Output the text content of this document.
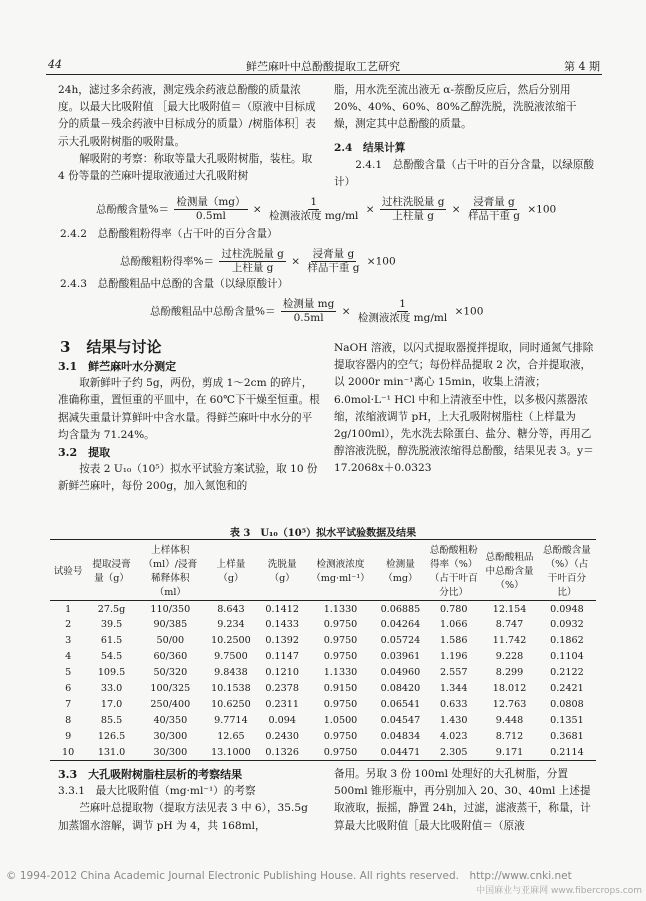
44	鲜苎麻叶中总酚酸提取工艺研究	第 4 期

24h，滤过多余药液，测定残余药液总酚酸的质量浓度。以最大比吸附值 ［最大比吸附值＝（原液中目标成分的质量－残余药液中目标成分的质量）/树脂体积］表示大孔吸附树脂的吸附量。

解吸附的考察：称取等量大孔吸附树脂，装柱。取 4 份等量的苎麻叶提取液通过大孔吸附树

脂，用水洗至流出液无 α-萘酚反应后，然后分别用 20%、40%、60%、80%乙醇洗脱，洗脱液浓缩干燥，测定其中总酚酸的质量。

2.4　 结果计算

2.4.1　 总酚酸含量（占干叶的百分含量，以绿原酸计）

总酚酸含量%＝ $\frac{\text{检测量（mg）}}{0.5ml} \times \frac{1}{\text{检测液浓度 mg/ml}} \times \frac{\text{过柱洗脱量 g}}{\text{上柱量 g}} \times \frac{\text{浸膏量 g}}{\text{样品干重 g}} \times 100$
2.4.2　 总酚酸粗粉得率（占干叶的百分含量）
总酚酸粗粉得率%＝ $\frac{\text{过柱洗脱量 g}}{\text{上柱量 g}} \times \frac{\text{浸膏量 g}}{\text{样品干重 g}} \times 100$
2.4.3　 总酚酸粗品中总酚的含量（以绿原酸计）
总酚酸粗品中总酚含量%＝ $\frac{\text{检测量 mg}}{0.5ml} \times \frac{1}{\text{检测液浓度 mg/ml}} \times 100$
3　 结果与讨论

3.1　 鲜苎麻叶水分测定

取新鲜叶子约 5g，两份，剪成 1～2cm 的碎片，准确称重，置恒重的平皿中，在 60℃下干燥至恒重。根据减失重量计算鲜叶中含水量。得鲜苎麻叶中水分的平均含量为 71.24%。

3.2　 提取

按表 2 U₁₀（10⁵）拟水平试验方案试验，取 10 份新鲜苎麻叶，每份 200g，加入氮饱和的

NaOH 溶液，以闪式提取器搅拌提取，同时通氮气排除提取容器内的空气；每份样品提取 2 次，合并提取液，以 2000r min⁻¹离心 15min，收集上清液；6.0mol·L⁻¹ HCl 中和上清液至中性，以多极闪蒸器浓缩，浓缩液调节 pH，上大孔吸附树脂柱（上样量为 2g/100ml），先水洗去除蛋白、盐分、糖分等，再用乙醇溶液洗脱，醇洗脱液浓缩得总酚酸，结果见表 3。y＝17.2068x＋0.0323

表 3　U₁₀（10⁵）拟水平试验数据及结果
试验号	提取浸膏量（g）	上样体积（ml）/浸膏稀释体积（ml）	上样量（g）	洗脱量（g）	检测液浓度（mg·ml⁻¹）	检测量（mg）	总酚酸粗粉得率（%）（占干叶百分比）	总酚酸粗品中总酚含量（%）	总酚酸含量（%）（占干叶百分比）
1	27.5g	110/350	8.643	0.1412	1.1330	0.06885	0.780	12.154	0.0948
2	39.5	90/385	9.234	0.1433	0.9750	0.04264	1.066	8.747	0.0932
3	61.5	50/00	10.2500	0.1392	0.9750	0.05724	1.586	11.742	0.1862
4	54.5	60/360	9.7500	0.1147	0.9750	0.03961	1.196	9.228	0.1104
5	109.5	50/320	9.8438	0.1210	1.1330	0.04960	2.557	8.299	0.2122
6	33.0	100/325	10.1538	0.2378	0.9150	0.08420	1.344	18.012	0.2421
7	17.0	250/400	10.6250	0.2311	0.9750	0.06541	0.633	12.763	0.0808
8	85.5	40/350	9.7714	0.094	1.0500	0.04547	1.430	9.448	0.1351
9	126.5	30/300	12.65	0.2430	0.9750	0.04834	4.023	8.712	0.3681
10	131.0	30/300	13.1000	0.1326	0.9750	0.04471	2.305	9.171	0.2114

3.3　 大孔吸附树脂柱层析的考察结果

3.3.1　 最大比吸附值（mg·ml⁻¹）的考察

苎麻叶总提取物（提取方法见表 3 中 6），35.5g 加蒸馏水溶解，调节 pH 为 4，共 168ml，

备用。另取 3 份 100ml 处理好的大孔树脂，分置 500ml 锥形瓶中，再分别加入 20、30、40ml 上述提取液取，振摇，静置 24h，过滤，滤液蒸干，称量，计算最大比吸附值［最大比吸附值＝（原液

© 1994-2012 China Academic Journal Electronic Publishing House. All rights reserved.　http://www.cnki.net
中国麻业与亚麻网 www.fibercrops.com
